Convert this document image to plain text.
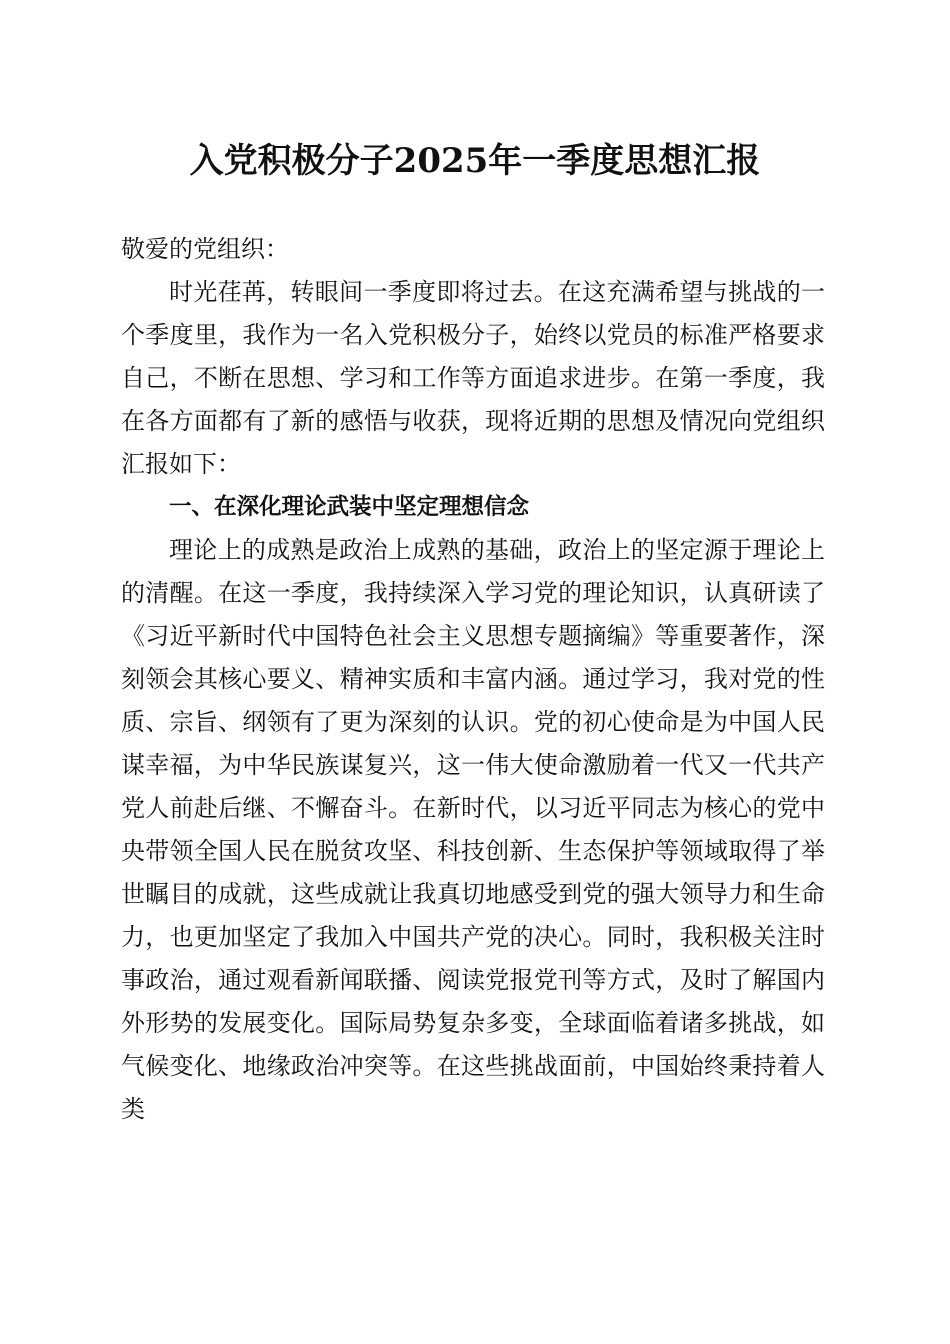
入党积极分子2025年一季度思想汇报

敬爱的党组织：

时光荏苒，转眼间一季度即将过去。在这充满希望与挑战的一个季度里，我作为一名入党积极分子，始终以党员的标准严格要求自己，不断在思想、学习和工作等方面追求进步。在第一季度，我在各方面都有了新的感悟与收获，现将近期的思想及情况向党组织汇报如下：

一、在深化理论武装中坚定理想信念

理论上的成熟是政治上成熟的基础，政治上的坚定源于理论上的清醒。在这一季度，我持续深入学习党的理论知识，认真研读了《习近平新时代中国特色社会主义思想专题摘编》等重要著作，深刻领会其核心要义、精神实质和丰富内涵。通过学习，我对党的性质、宗旨、纲领有了更为深刻的认识。党的初心使命是为中国人民谋幸福，为中华民族谋复兴，这一伟大使命激励着一代又一代共产党人前赴后继、不懈奋斗。在新时代，以习近平同志为核心的党中央带领全国人民在脱贫攻坚、科技创新、生态保护等领域取得了举世瞩目的成就，这些成就让我真切地感受到党的强大领导力和生命力，也更加坚定了我加入中国共产党的决心。同时，我积极关注时事政治，通过观看新闻联播、阅读党报党刊等方式，及时了解国内外形势的发展变化。国际局势复杂多变，全球面临着诸多挑战，如气候变化、地缘政治冲突等。在这些挑战面前，中国始终秉持着人类
